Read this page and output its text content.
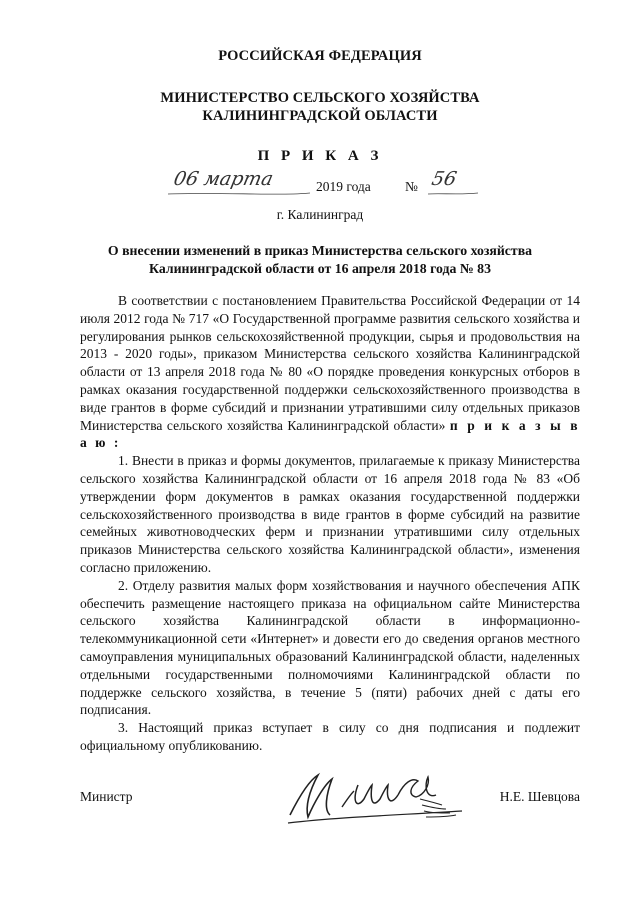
РОССИЙСКАЯ ФЕДЕРАЦИЯ
МИНИСТЕРСТВО СЕЛЬСКОГО ХОЗЯЙСТВА
КАЛИНИНГРАДСКОЙ ОБЛАСТИ
П Р И К А З
06 марта	2019 года	№ 56
г. Калининград
О внесении изменений в приказ Министерства сельского хозяйства
Калининградской области от 16 апреля 2018 года № 83

В соответствии с постановлением Правительства Российской Федерации от 14 июля 2012 года № 717 «О Государственной программе развития сельского хозяйства и регулирования рынков сельскохозяйственной продукции, сырья и продовольствия на 2013 - 2020 годы», приказом Министерства сельского хозяйства Калининградской области от 13 апреля 2018 года № 80 «О порядке проведения конкурсных отборов в рамках оказания государственной поддержки сельскохозяйственного производства в виде грантов в форме субсидий и признании утратившими силу отдельных приказов Министерства сельского хозяйства Калининградской области» п р и к а з ы в а ю :

1. Внести в приказ и формы документов, прилагаемые к приказу Министерства сельского хозяйства Калининградской области от 16 апреля 2018 года № 83 «Об утверждении форм документов в рамках оказания государственной поддержки сельскохозяйственного производства в виде грантов в форме субсидий на развитие семейных животноводческих ферм и признании утратившими силу отдельных приказов Министерства сельского хозяйства Калининградской области», изменения согласно приложению.

2. Отделу развития малых форм хозяйствования и научного обеспечения АПК обеспечить размещение настоящего приказа на официальном сайте Министерства сельского хозяйства Калининградской области в информационно-телекоммуникационной сети «Интернет» и довести его до сведения органов местного самоуправления муниципальных образований Калининградской области, наделенных отдельными государственными полномочиями Калининградской области по поддержке сельского хозяйства, в течение 5 (пяти) рабочих дней с даты его подписания.

3. Настоящий приказ вступает в силу со дня подписания и подлежит официальному опубликованию.

Министр	Н.Е. Шевцова
